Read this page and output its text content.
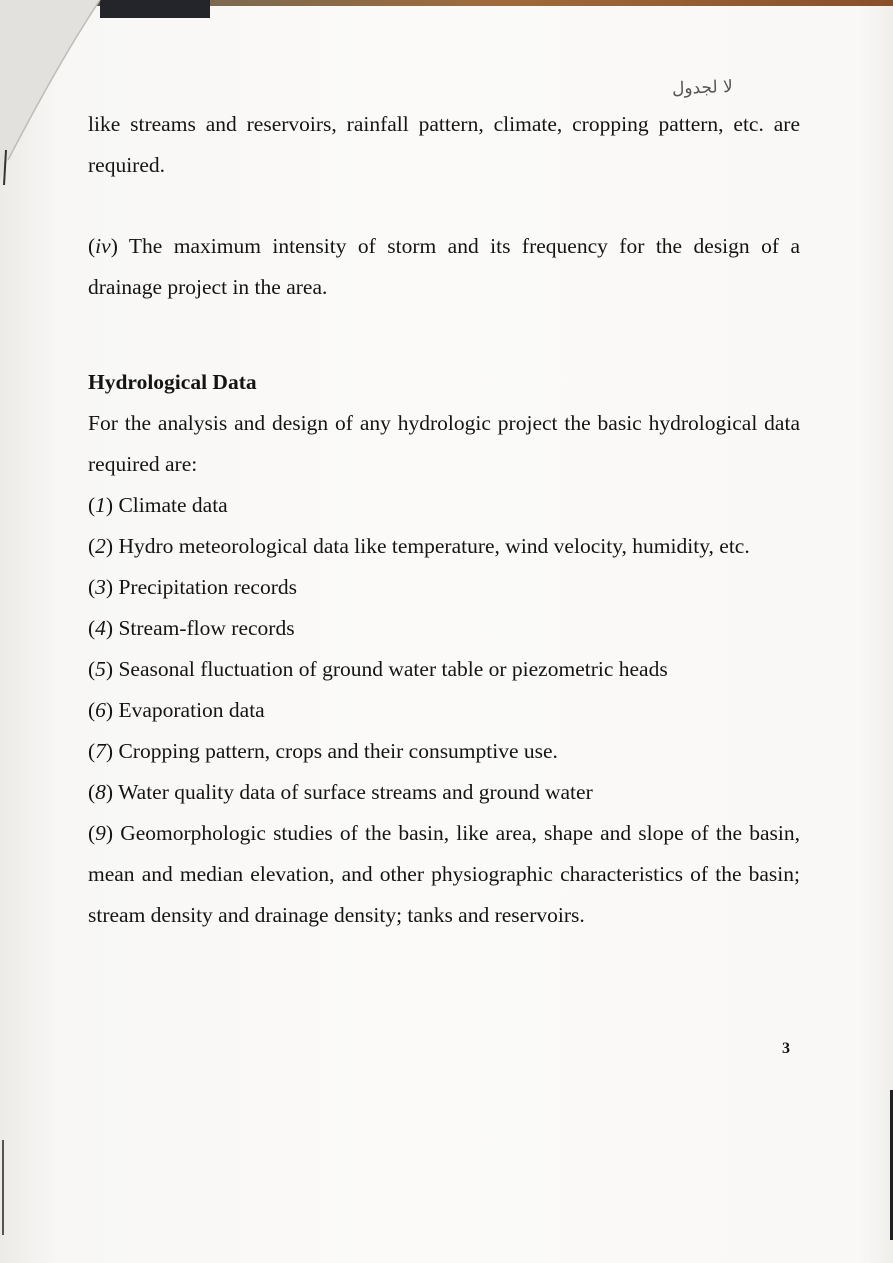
ﻟﺎ ﻟﺠﺪﻭﻝ

like streams and reservoirs, rainfall pattern, climate, cropping pattern, etc. are required.

(iv) The maximum intensity of storm and its frequency for the design of a drainage project in the area.

Hydrological Data

For the analysis and design of any hydrologic project the basic hydrological data required are:

(1) Climate data
(2) Hydro meteorological data like temperature, wind velocity, humidity, etc.
(3) Precipitation records
(4) Stream-flow records
(5) Seasonal fluctuation of ground water table or piezometric heads
(6) Evaporation data
(7) Cropping pattern, crops and their consumptive use.
(8) Water quality data of surface streams and ground water
(9) Geomorphologic studies of the basin, like area, shape and slope of the basin, mean and median elevation, and other physiographic characteristics of the basin; stream density and drainage density; tanks and reservoirs.
3
